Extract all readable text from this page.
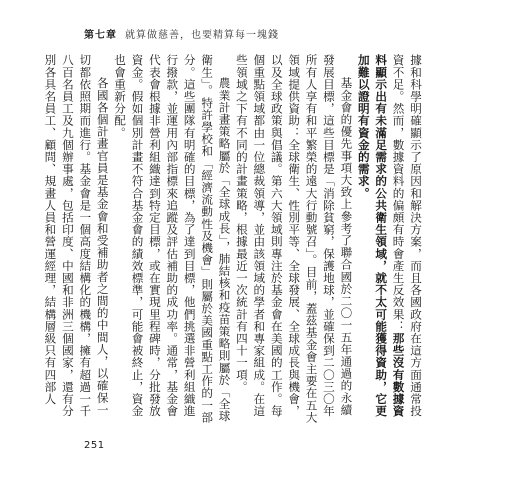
第七章 就算做慈善，也要精算每一塊錢
據和科學明確顯示了原因和解決方案，而且各國政府在這方面通常投資不足。然而，數據資料的偏頗有時會產生反效果：那些沒有數據資料顯示出有未滿足需求的公共衛生領域，就不太可能獲得資助，它更加難以證明有資金的需求。
基金會的優先事項大致上參考了聯合國於二〇一五年通過的永續發展目標，這些目標是「消除貧窮，保護地球，並確保到二〇三〇年所有人享有和平繁榮的遠大行動號召」。目前，蓋茲基金會主要在五大領域提供資助：全球衛生、性別平等、全球發展、全球成長與機會，以及全球政策與倡議。第六大領域則專注於基金會在美國的工作。每個重點領域都由一位總裁領導，並由該領域的學者和專家組成。在這些領域之下有不同的計畫策略，根據最近一次統計有四十一項。
農業計畫策略屬於「全球成長」，肺結核和疫苗策略則屬於「全球衛生」。特許學校和「經濟流動性及機會」則屬於美國重點工作的一部分。這些團隊有明確的目標，為了達到目標，他們挑選非營利組織進行撥款，並運用內部指標來追蹤及評估補助的成功率。通常，基金會代表會根據非營利組織達到特定目標，或在實現里程碑時，分批發放資金。假如個別計畫不符合基金會的績效標準，可能會被終止，資金也會重新分配。
各國各個計畫官員是基金會和受補助者之間的中間人，以確保一切都依照期而進行。基金會是一個高度結構化的機構，擁有超過一千八百名員工及九個辦事處，包括印度、中國和非洲三個國家，還有分別各具名員工、顧問、規畫人員和營運經理，結構層級只有四部人
251
